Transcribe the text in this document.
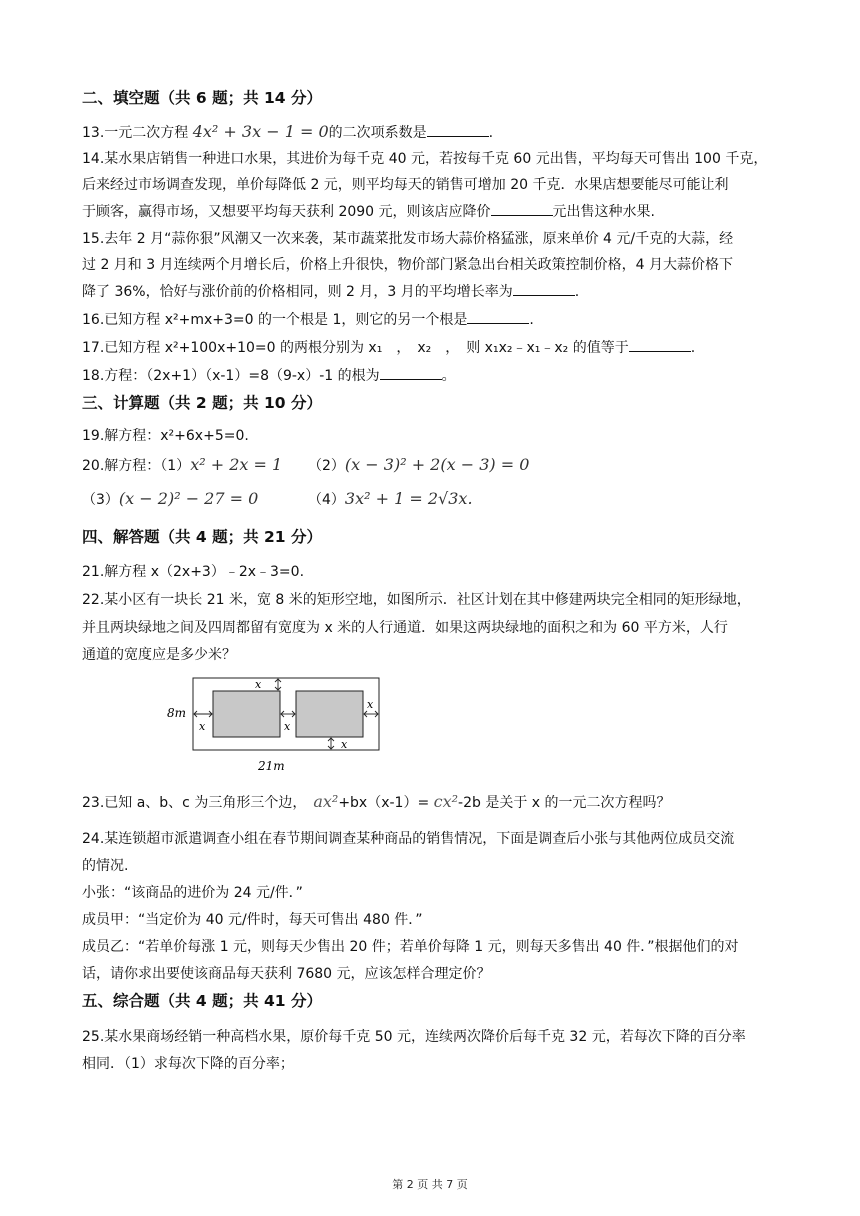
二、填空题（共 6 题；共 14 分）
13.一元二次方程 4x² + 3x − 1 = 0的二次项系数是	.
14.某水果店销售一种进口水果，其进价为每千克 40 元，若按每千克 60 元出售，平均每天可售出 100 千克，
后来经过市场调查发现，单价每降低 2 元，则平均每天的销售可增加 20 千克．水果店想要能尽可能让利
于顾客，赢得市场，又想要平均每天获利 2090 元，则该店应降价	元出售这种水果.
15.去年 2 月“蒜你狠”风潮又一次来袭，某市蔬菜批发市场大蒜价格猛涨，原来单价 4 元/千克的大蒜，经
过 2 月和 3 月连续两个月增长后，价格上升很快，物价部门紧急出台相关政策控制价格，4 月大蒜价格下
降了 36%，恰好与涨价前的价格相同，则 2 月，3 月的平均增长率为	.
16.已知方程 x²+mx+3=0 的一个根是 1，则它的另一个根是	.
17.已知方程 x²+100x+10=0 的两根分别为 x₁　，　x₂　，　则 x₁x₂﹣x₁﹣x₂ 的值等于	.
18.方程：（2x+1）（x-1）=8（9-x）-1 的根为	。
三、计算题（共 2 题；共 10 分）
19.解方程：x²+6x+5=0.
20.解方程：（1）x² + 2x = 1 （2）(x − 3)² + 2(x − 3) = 0
（3）(x − 2)² − 27 = 0	（4）3x² + 1 = 2√3x.
四、解答题（共 4 题；共 21 分）
21.解方程 x（2x+3）﹣2x﹣3=0.
22.某小区有一块长 21 米，宽 8 米的矩形空地，如图所示．社区计划在其中修建两块完全相同的矩形绿地，
并且两块绿地之间及四周都留有宽度为 x 米的人行通道．如果这两块绿地的面积之和为 60 平方米，人行
通道的宽度应是多少米？
8m
x
x	x
x
x
21m
23.已知 a、b、c 为三角形三个边，　 ax²+bx（x-1）= cx²-2b 是关于 x 的一元二次方程吗？
24.某连锁超市派遣调查小组在春节期间调查某种商品的销售情况，下面是调查后小张与其他两位成员交流
的情况.
小张：“该商品的进价为 24 元/件．”
成员甲：“当定价为 40 元/件时，每天可售出 480 件．”
成员乙：“若单价每涨 1 元，则每天少售出 20 件；若单价每降 1 元，则每天多售出 40 件．”根据他们的对
话，请你求出要使该商品每天获利 7680 元，应该怎样合理定价？
五、综合题（共 4 题；共 41 分）
25.某水果商场经销一种高档水果，原价每千克 50 元，连续两次降价后每千克 32 元，若每次下降的百分率
相同．（1）求每次下降的百分率；
第 2 页 共 7 页
